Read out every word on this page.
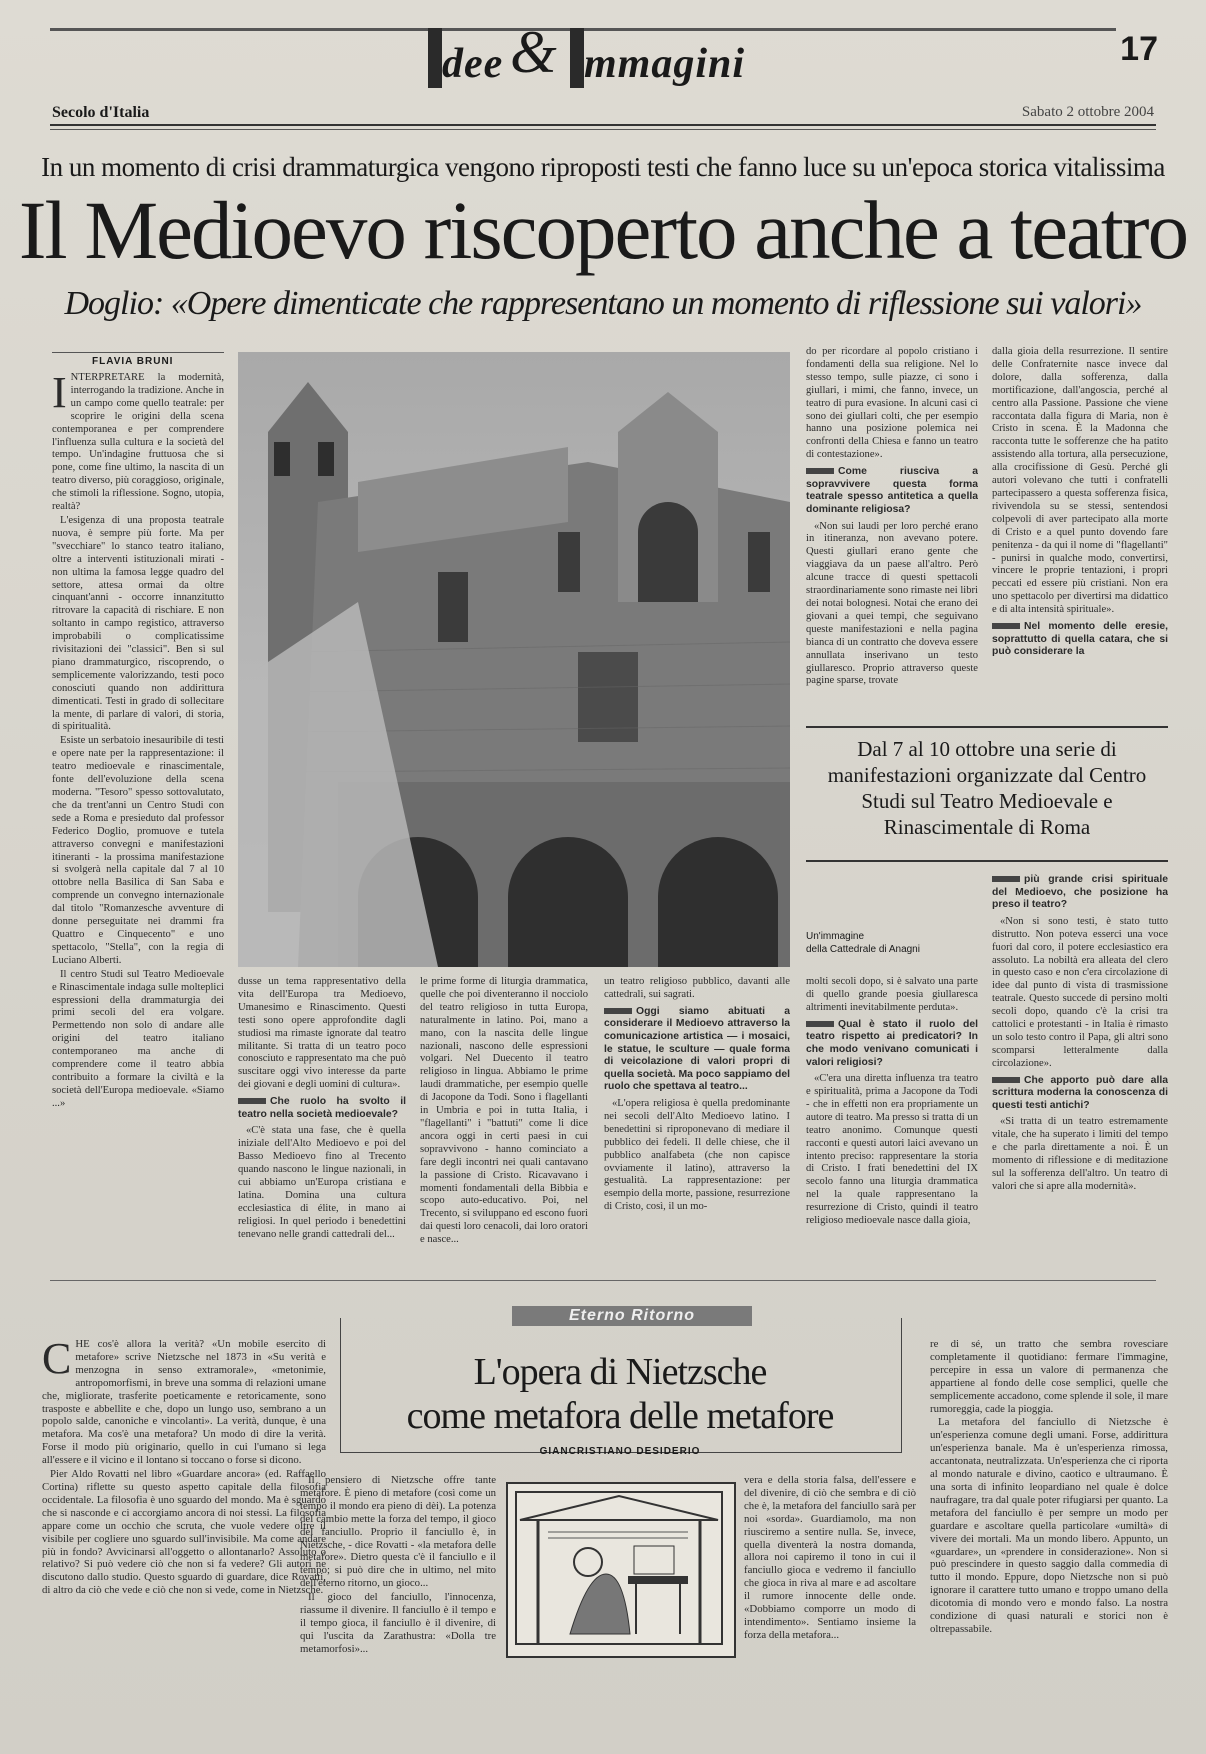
dee & mmagini	17
Secolo d'Italia	Sabato 2 ottobre 2004
In un momento di crisi drammaturgica vengono riproposti testi che fanno luce su un'epoca storica vitalissima
Il Medioevo riscoperto anche a teatro
Doglio: «Opere dimenticate che rappresentano un momento di riflessione sui valori»
FLAVIA BRUNI

INTERPRETARE la modernità, interrogando la tradizione. Anche in un campo come quello teatrale: per scoprire le origini della scena contemporanea e per comprendere l'influenza sulla cultura e la società del tempo. Un'indagine fruttuosa che si pone, come fine ultimo, la nascita di un teatro diverso, più coraggioso, originale, che stimoli la riflessione. Sogno, utopia, realtà?

L'esigenza di una proposta teatrale nuova, è sempre più forte. Ma per "svecchiare" lo stanco teatro italiano, oltre a interventi istituzionali mirati - non ultima la famosa legge quadro del settore, attesa ormai da oltre cinquant'anni - occorre innanzitutto ritrovare la capacità di rischiare. E non soltanto in campo registico, attraverso improbabili o complicatissime rivisitazioni dei "classici". Ben sì sul piano drammaturgico, riscoprendo, o semplicemente valorizzando, testi poco conosciuti quando non addirittura dimenticati. Testi in grado di sollecitare la mente, di parlare di valori, di storia, di spiritualità.

Esiste un serbatoio inesauribile di testi e opere nate per la rappresentazione: il teatro medioevale e rinascimentale, fonte dell'evoluzione della scena moderna. "Tesoro" spesso sottovalutato, che da trent'anni un Centro Studi con sede a Roma e presieduto dal professor Federico Doglio, promuove e tutela attraverso convegni e manifestazioni itineranti - la prossima manifestazione si svolgerà nella capitale dal 7 al 10 ottobre nella Basilica di San Saba e comprende un convegno internazionale dal titolo "Romanzesche avventure di donne perseguitate nei drammi fra Quattro e Cinquecento" e uno spettacolo, "Stella", con la regia di Luciano Alberti.

Il centro Studi sul Teatro Medioevale e Rinascimentale indaga sulle molteplici espressioni della drammaturgia dei primi secoli del era volgare. Permettendo non solo di andare alle origini del teatro italiano contemporaneo ma anche di comprendere come il teatro abbia contribuito a formare la civiltà e la società dell'Europa medioevale. «Siamo ...»

do per ricordare al popolo cristiano i fondamenti della sua religione. Nel lo stesso tempo, sulle piazze, ci sono i giullari, i mimi, che fanno, invece, un teatro di pura evasione. In alcuni casi ci sono dei giullari colti, che per esempio hanno una posizione polemica nei confronti della Chiesa e fanno un teatro di contestazione».

Come riusciva a sopravvivere questa forma teatrale spesso antitetica a quella dominante religiosa?

«Non sui laudi per loro perché erano in itineranza, non avevano potere. Questi giullari erano gente che viaggiava da un paese all'altro. Però alcune tracce di questi spettacoli straordinariamente sono rimaste nei libri dei notai bolognesi. Notai che erano dei giovani a quei tempi, che seguivano queste manifestazioni e nella pagina bianca di un contratto che doveva essere annullata inserivano un testo giullaresco. Proprio attraverso queste pagine sparse, trovate

dalla gioia della resurrezione. Il sentire delle Confraternite nasce invece dal dolore, dalla sofferenza, dalla mortificazione, dall'angoscia, perché al centro alla Passione. Passione che viene raccontata dalla figura di Maria, non è Cristo in scena. È la Madonna che racconta tutte le sofferenze che ha patito assistendo alla tortura, alla persecuzione, alla crocifissione di Gesù. Perché gli autori volevano che tutti i confratelli partecipassero a questa sofferenza fisica, rivivendola su se stessi, sentendosi colpevoli di aver partecipato alla morte di Cristo e a quel punto dovendo fare penitenza - da qui il nome di "flagellanti" - punirsi in qualche modo, convertirsi, vincere le proprie tentazioni, i propri peccati ed essere più cristiani. Non era uno spettacolo per divertirsi ma didattico e di alta intensità spirituale».

Nel momento delle eresie, soprattutto di quella catara, che si può considerare la

Dal 7 al 10 ottobre una serie di manifestazioni organizzate dal Centro Studi sul Teatro Medioevale e Rinascimentale di Roma
Un'immagine
della Cattedrale di Anagni

più grande crisi spirituale del Medioevo, che posizione ha preso il teatro?

«Non si sono testi, è stato tutto distrutto. Non poteva esserci una voce fuori dal coro, il potere ecclesiastico era assoluto. La nobiltà era alleata del clero in questo caso e non c'era circolazione di idee dal punto di vista di trasmissione teatrale. Questo succede di persino molti secoli dopo, quando c'è la crisi tra cattolici e protestanti - in Italia è rimasto un solo testo contro il Papa, gli altri sono scomparsi letteralmente dalla circolazione».

Che apporto può dare alla scrittura moderna la conoscenza di questi testi antichi?

«Si tratta di un teatro estremamente vitale, che ha superato i limiti del tempo e che parla direttamente a noi. È un momento di riflessione e di meditazione sul la sofferenza dell'altro. Un teatro di valori che si apre alla modernità».

dusse un tema rappresentativo della vita dell'Europa tra Medioevo, Umanesimo e Rinascimento. Questi testi sono opere approfondite dagli studiosi ma rimaste ignorate dal teatro militante. Si tratta di un teatro poco conosciuto e rappresentato ma che può suscitare oggi vivo interesse da parte dei giovani e degli uomini di cultura».

Che ruolo ha svolto il teatro nella società medioevale?

«C'è stata una fase, che è quella iniziale dell'Alto Medioevo e poi del Basso Medioevo fino al Trecento quando nascono le lingue nazionali, in cui abbiamo un'Europa cristiana e latina. Domina una cultura ecclesiastica di élite, in mano ai religiosi. In quel periodo i benedettini tenevano nelle grandi cattedrali del...

le prime forme di liturgia drammatica, quelle che poi diventeranno il nocciolo del teatro religioso in tutta Europa, naturalmente in latino. Poi, mano a mano, con la nascita delle lingue nazionali, nascono delle espressioni volgari. Nel Duecento il teatro religioso in lingua. Abbiamo le prime laudi drammatiche, per esempio quelle di Jacopone da Todi. Sono i flagellanti in Umbria e poi in tutta Italia, i "flagellanti" i "battuti" come li dice ancora oggi in certi paesi in cui sopravvivono - hanno cominciato a fare degli incontri nei quali cantavano la passione di Cristo. Ricavavano i momenti fondamentali della Bibbia e scopo auto-educativo. Poi, nel Trecento, si sviluppano ed escono fuori dai questi loro cenacoli, dai loro oratori e nasce...

un teatro religioso pubblico, davanti alle cattedrali, sui sagrati.

Oggi siamo abituati a considerare il Medioevo attraverso la comunicazione artistica — i mosaici, le statue, le sculture — quale forma di veicolazione di valori propri di quella società. Ma poco sappiamo del ruolo che spettava al teatro...

«L'opera religiosa è quella predominante nei secoli dell'Alto Medioevo latino. I benedettini si riproponevano di mediare il pubblico dei fedeli. Il delle chiese, che il pubblico analfabeta (che non capisce ovviamente il latino), attraverso la gestualità. La rappresentazione: per esempio della morte, passione, resurrezione di Cristo, così, il un mo-

molti secoli dopo, si è salvato una parte di quello grande poesia giullaresca altrimenti inevitabilmente perduta».

Qual è stato il ruolo del teatro rispetto ai predicatori? In che modo venivano comunicati i valori religiosi?

«C'era una diretta influenza tra teatro e spiritualità, prima a Jacopone da Todi - che in effetti non era propriamente un autore di teatro. Ma presso si tratta di un teatro anonimo. Comunque questi racconti e questi autori laici avevano un intento preciso: rappresentare la storia di Cristo. I frati benedettini del IX secolo fanno una liturgia drammatica nel la quale rappresentano la resurrezione di Cristo, quindi il teatro religioso medioevale nasce dalla gioia,

Eterno Ritorno
L'opera di Nietzsche
come metafora delle metafore
GIANCRISTIANO DESIDERIO

CHE cos'è allora la verità? «Un mobile esercito di metafore» scrive Nietzsche nel 1873 in «Su verità e menzogna in senso extramorale», «metonimie, antropomorfismi, in breve una somma di relazioni umane che, migliorate, trasferite poeticamente e retoricamente, sono trasposte e abbellite e che, dopo un lungo uso, sembrano a un popolo salde, canoniche e vincolanti». La verità, dunque, è una metafora. Ma cos'è una metafora? Un modo di dire la verità. Forse il modo più originario, quello in cui l'umano si lega all'essere e il vicino e il lontano si toccano o forse si dicono.

Pier Aldo Rovatti nel libro «Guardare ancora» (ed. Raffaello Cortina) riflette su questo aspetto capitale della filosofia occidentale. La filosofia è uno sguardo del mondo. Ma è sguardo che si nasconde e ci accorgiamo ancora di noi stessi. La filosofia appare come un occhio che scruta, che vuole vedere oltre il visibile per cogliere uno sguardo sull'invisibile. Ma come andare più in fondo? Avvicinarsi all'oggetto o allontanarlo? Assoluto o relativo? Si può vedere ciò che non si fa vedere? Gli autori ne discutono dallo studio. Questo sguardo di guardare, dice Rovatti, di altro da ciò che vede e ciò che non si vede, come in Nietzsche.

Il pensiero di Nietzsche offre tante metafore. È pieno di metafore (così come un tempo il mondo era pieno di dèi). La potenza del cambio mette la forza del tempo, il gioco del fanciullo. Proprio il fanciullo è, in Nietzsche, - dice Rovatti - «la metafora delle metafore». Dietro questa c'è il fanciullo e il tempo; si può dire che in ultimo, nel mito dell'eterno ritorno, un gioco...

Il gioco del fanciullo, l'innocenza, riassume il divenire. Il fanciullo è il tempo e il tempo gioca, il fanciullo è il divenire, di qui l'uscita da Zarathustra: «Dolla tre metamorfosi»...

vera e della storia falsa, dell'essere e del divenire, di ciò che sembra e di ciò che è, la metafora del fanciullo sarà per noi «sorda». Guardiamolo, ma non riusciremo a sentire nulla. Se, invece, quella diventerà la nostra domanda, allora noi capiremo il tono in cui il fanciullo gioca e vedremo il fanciullo che gioca in riva al mare e ad ascoltare il rumore innocente delle onde. «Dobbiamo comporre un modo di intendimento». Sentiamo insieme la forza della metafora...

re di sé, un tratto che sembra rovesciare completamente il quotidiano: fermare l'immagine, percepire in essa un valore di permanenza che appartiene al fondo delle cose semplici, quelle che semplicemente accadono, come splende il sole, il mare rumoreggia, cade la pioggia.

La metafora del fanciullo di Nietzsche è un'esperienza comune degli umani. Forse, addirittura un'esperienza banale. Ma è un'esperienza rimossa, accantonata, neutralizzata. Un'esperienza che ci riporta al mondo naturale e divino, caotico e ultraumano. È una sorta di infinito leopardiano nel quale è dolce naufragare, tra dal quale poter rifugiarsi per quanto. La metafora del fanciullo è per sempre un modo per guardare e ascoltare quella particolare «umiltà» di vivere dei mortali. Ma un mondo libero. Appunto, un «guardare», un «prendere in considerazione». Non si può prescindere in questo saggio dalla commedia di tutto il mondo. Eppure, dopo Nietzsche non si può ignorare il carattere tutto umano e troppo umano della dicotomia di mondo vero e mondo falso. La nostra condizione di quasi naturali e storici non è oltrepassabile.
